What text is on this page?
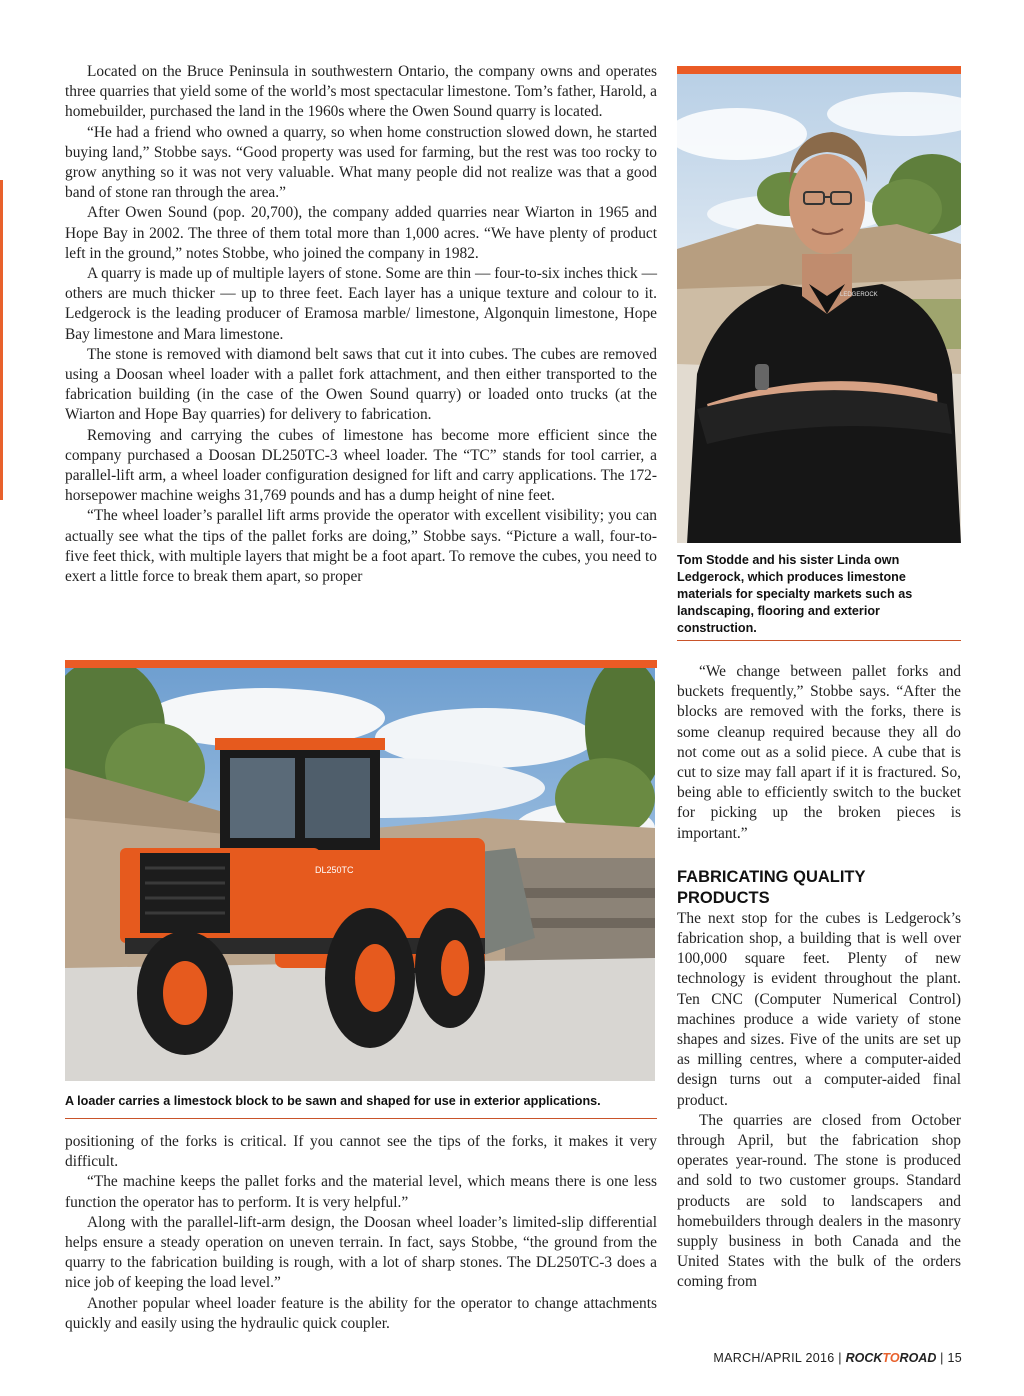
Located on the Bruce Peninsula in southwestern Ontario, the company owns and operates three quarries that yield some of the world’s most spectacular limestone. Tom’s father, Harold, a homebuilder, purchased the land in the 1960s where the Owen Sound quarry is located.

“He had a friend who owned a quarry, so when home construction slowed down, he started buying land,” Stobbe says. “Good property was used for farming, but the rest was too rocky to grow anything so it was not very valuable. What many people did not realize was that a good band of stone ran through the area.”

After Owen Sound (pop. 20,700), the company added quarries near Wiarton in 1965 and Hope Bay in 2002. The three of them total more than 1,000 acres. “We have plenty of product left in the ground,” notes Stobbe, who joined the company in 1982.

A quarry is made up of multiple layers of stone. Some are thin — four-to-six inches thick — others are much thicker — up to three feet. Each layer has a unique texture and colour to it. Ledgerock is the leading producer of Eramosa marble/ limestone, Algonquin limestone, Hope Bay limestone and Mara limestone.

The stone is removed with diamond belt saws that cut it into cubes. The cubes are removed using a Doosan wheel loader with a pallet fork attachment, and then either transported to the fabrication building (in the case of the Owen Sound quarry) or loaded onto trucks (at the Wiarton and Hope Bay quarries) for delivery to fabrication.

Removing and carrying the cubes of limestone has become more efficient since the company purchased a Doosan DL250TC-3 wheel loader. The “TC” stands for tool carrier, a parallel-lift arm, a wheel loader configuration designed for lift and carry applications. The 172-horsepower machine weighs 31,769 pounds and has a dump height of nine feet.

“The wheel loader’s parallel lift arms provide the operator with excellent visibility; you can actually see what the tips of the pallet forks are doing,” Stobbe says. “Picture a wall, four-to-five feet thick, with multiple layers that might be a foot apart. To remove the cubes, you need to exert a little force to break them apart, so proper

LEDGEROCK
Tom Stodde and his sister Linda own Ledgerock, which produces limestone materials for specialty markets such as landscaping, flooring and exterior construction.
DL250TC
A loader carries a limestock block to be sawn and shaped for use in exterior applications.

positioning of the forks is critical. If you cannot see the tips of the forks, it makes it very difficult.

“The machine keeps the pallet forks and the material level, which means there is one less function the operator has to perform. It is very helpful.”

Along with the parallel-lift-arm design, the Doosan wheel loader’s limited-slip differential helps ensure a steady operation on uneven terrain. In fact, says Stobbe, “the ground from the quarry to the fabrication building is rough, with a lot of sharp stones. The DL250TC-3 does a nice job of keeping the load level.”

Another popular wheel loader feature is the ability for the operator to change attachments quickly and easily using the hydraulic quick coupler.

“We change between pallet forks and buckets frequently,” Stobbe says. “After the blocks are removed with the forks, there is some cleanup required because they all do not come out as a solid piece. A cube that is cut to size may fall apart if it is fractured. So, being able to efficiently switch to the bucket for picking up the broken pieces is important.”

FABRICATING QUALITY PRODUCTS

The next stop for the cubes is Ledgerock’s fabrication shop, a building that is well over 100,000 square feet. Plenty of new technology is evident throughout the plant. Ten CNC (Computer Numerical Control) machines produce a wide variety of stone shapes and sizes. Five of the units are set up as milling centres, where a computer-aided design turns out a computer-aided final product.

The quarries are closed from October through April, but the fabrication shop operates year-round. The stone is produced and sold to two customer groups. Standard products are sold to landscapers and homebuilders through dealers in the masonry supply business in both Canada and the United States with the bulk of the orders coming from

MARCH/APRIL 2016 | ROCKTOROAD | 15
